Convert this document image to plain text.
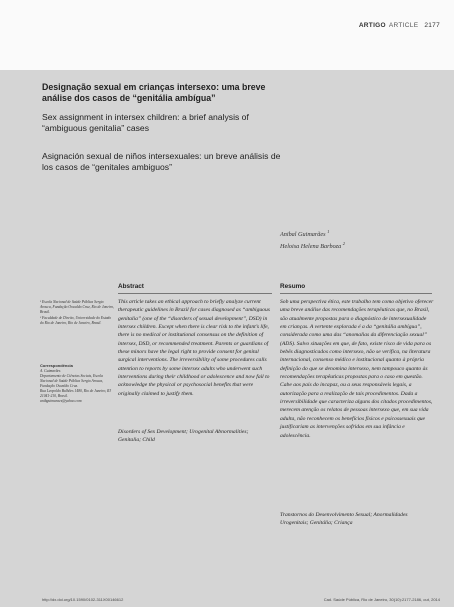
ARTIGO ARTICLE 2177
Designação sexual em crianças intersexo: uma breve análise dos casos de “genitália ambígua”
Sex assignment in intersex children: a brief analysis of “ambiguous genitalia” cases
Asignación sexual de niños intersexuales: un breve análisis de los casos de “genitales ambiguos”
Anibal Guimarães $^1$
Heloisa Helena Barboza $^2$

¹ Escola Nacional de Saúde Pública Sergio Arouca, Fundação Oswaldo Cruz, Rio de Janeiro, Brasil.

² Faculdade de Direito, Universidade do Estado do Rio de Janeiro, Rio de Janeiro, Brasil.

Correspondência
A. Guimarães
Departamento de Ciências Sociais, Escola Nacional de Saúde Pública Sergio Arouca, Fundação Oswaldo Cruz.
Rua Leopoldo Bulhões 1480, Rio de Janeiro, RJ
21041-210, Brasil.
anibguimaraes@yahoo.com
Abstract
This article takes an ethical approach to briefly analyze current therapeutic guidelines in Brazil for cases diagnosed as “ambiguous genitalia” (one of the “disorders of sexual development”, DSD) in intersex children. Except when there is clear risk to the infant’s life, there is no medical or institutional consensus on the definition of intersex, DSD, or recommended treatment. Parents or guardians of these minors have the legal right to provide consent for genital surgical interventions. The irreversibility of some procedures calls attention to reports by some intersex adults who underwent such interventions during their childhood or adolescence and now fail to acknowledge the physical or psychosocial benefits that were originally claimed to justify them.
Disorders of Sex Development; Urogenital Abnormalities; Genitalia; Child
Resumo
Sob uma perspectiva ética, este trabalho tem como objetivo oferecer uma breve análise das recomendações terapêuticas que, no Brasil, são atualmente propostas para o diagnóstico de intersexualidade em crianças. A vertente explorada é a da “genitália ambígua”, considerada como uma das “anomalias da diferenciação sexual” (ADS). Salvo situações em que, de fato, existe risco de vida para os bebês diagnosticados como intersexo, não se verifica, na literatura internacional, consenso médico e institucional quanto à própria definição do que se denomina intersexo, nem tampouco quanto às recomendações terapêuticas propostas para o caso em questão. Cabe aos pais do incapaz, ou a seus responsáveis legais, a autorização para a realização de tais procedimentos. Dada a irreversibilidade que caracteriza alguns dos citados procedimentos, merecem atenção os relatos de pessoas intersexo que, em sua vida adulta, não reconhecem os benefícios físicos e psicossexuais que justificariam as intervenções sofridas em sua infância e adolescência.
Transtornos do Desenvolvimento Sexual; Anormalidades Urogenitais; Genitália; Criança
http://dx.doi.org/10.1590/0102-311X00146612	Cad. Saúde Pública, Rio de Janeiro, 30(10):2177-2186, out, 2014
